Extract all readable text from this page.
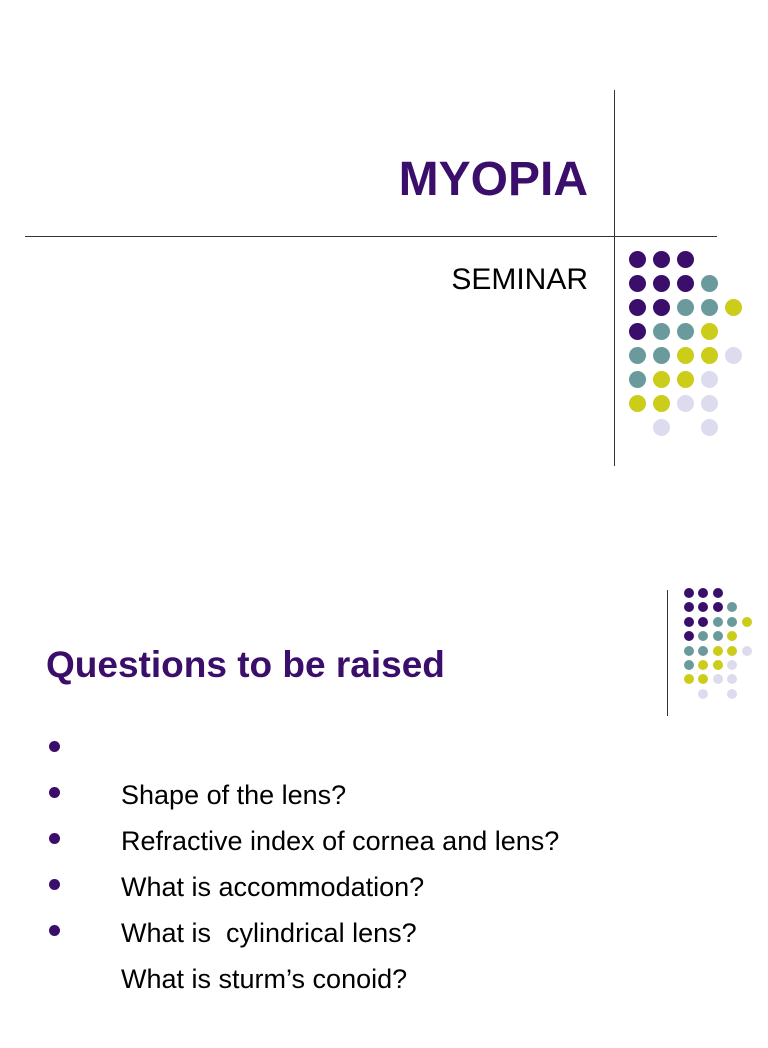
MYOPIA
SEMINAR
Questions to be raised

Shape of the lens?

Refractive index of cornea and lens?

What is accommodation?

What is  cylindrical lens?

What is sturm’s conoid?
